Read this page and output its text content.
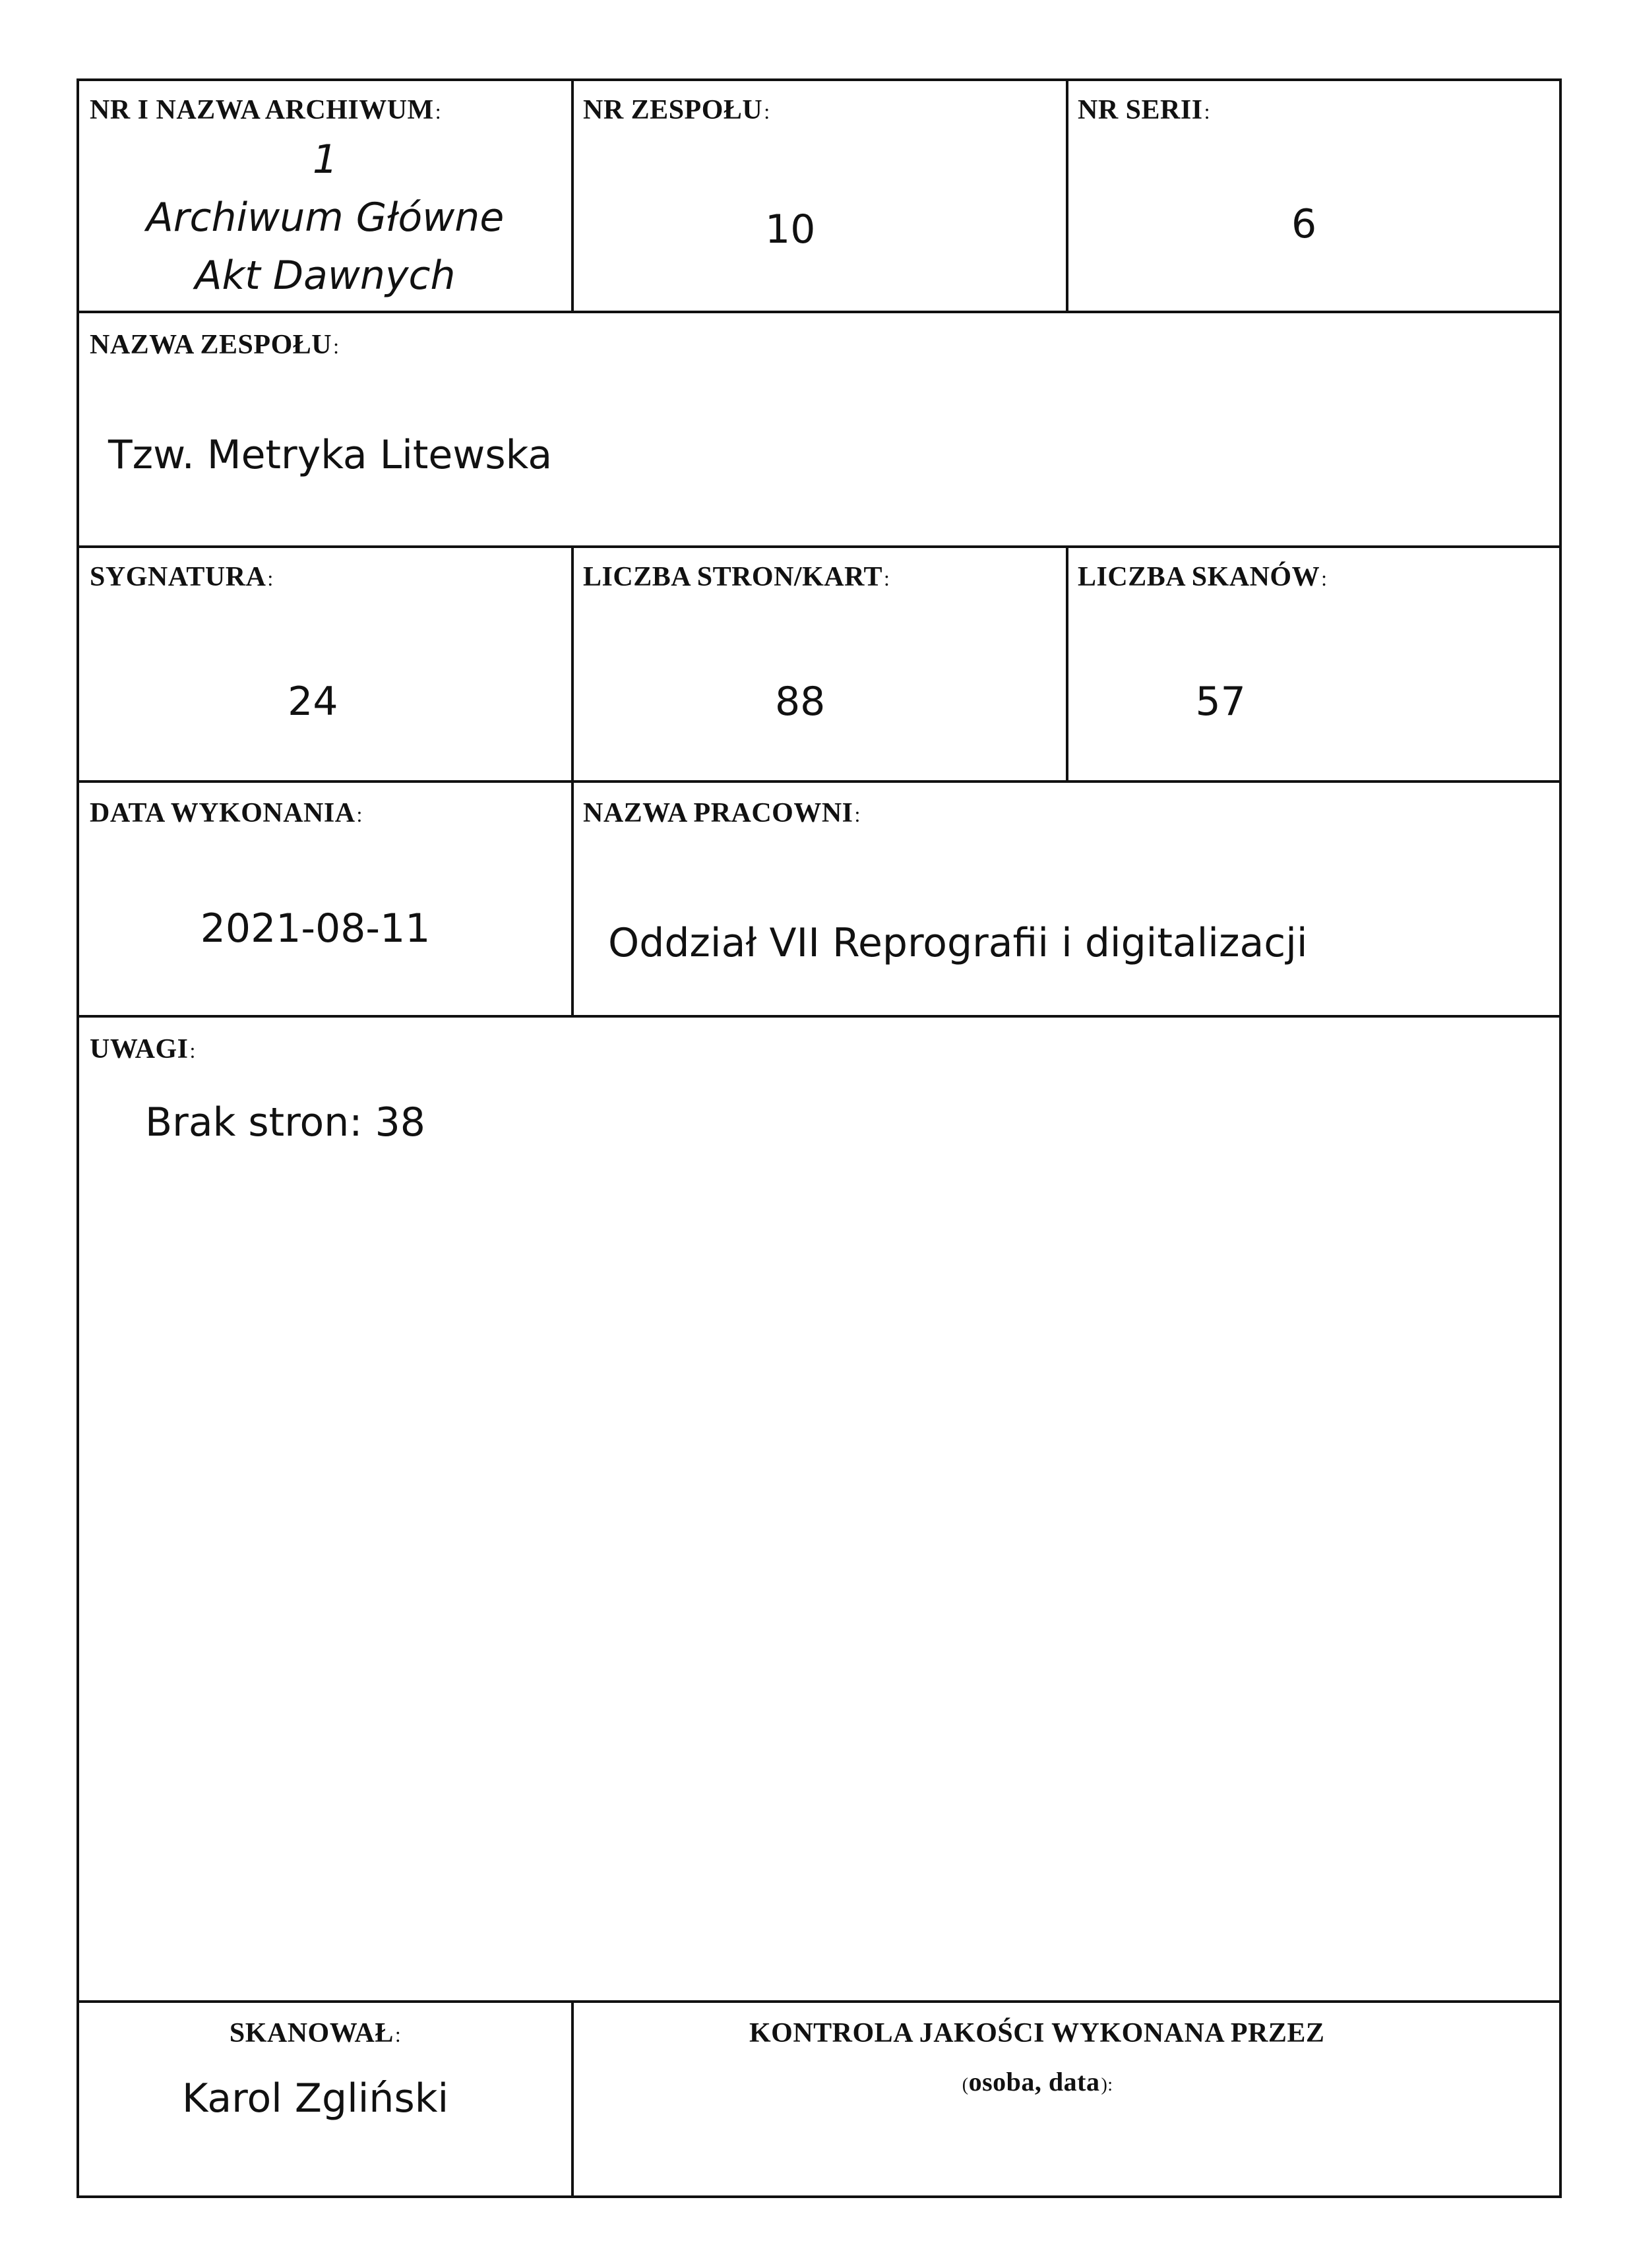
NR I NAZWA ARCHIWUM:
1
Archiwum Główne
Akt Dawnych
NR ZESPOŁU:
10
NR SERII:
6
NAZWA ZESPOŁU:
Tzw. Metryka Litewska
SYGNATURA:
24
LICZBA STRON/KART:
88
LICZBA SKANÓW:
57
DATA WYKONANIA:
2021-08-11
NAZWA PRACOWNI:
Oddział VII Reprografii i digitalizacji
UWAGI:
Brak stron: 38
SKANOWAŁ:
Karol Zgliński
KONTROLA JAKOŚCI WYKONANA PRZEZ
(osoba, data):
